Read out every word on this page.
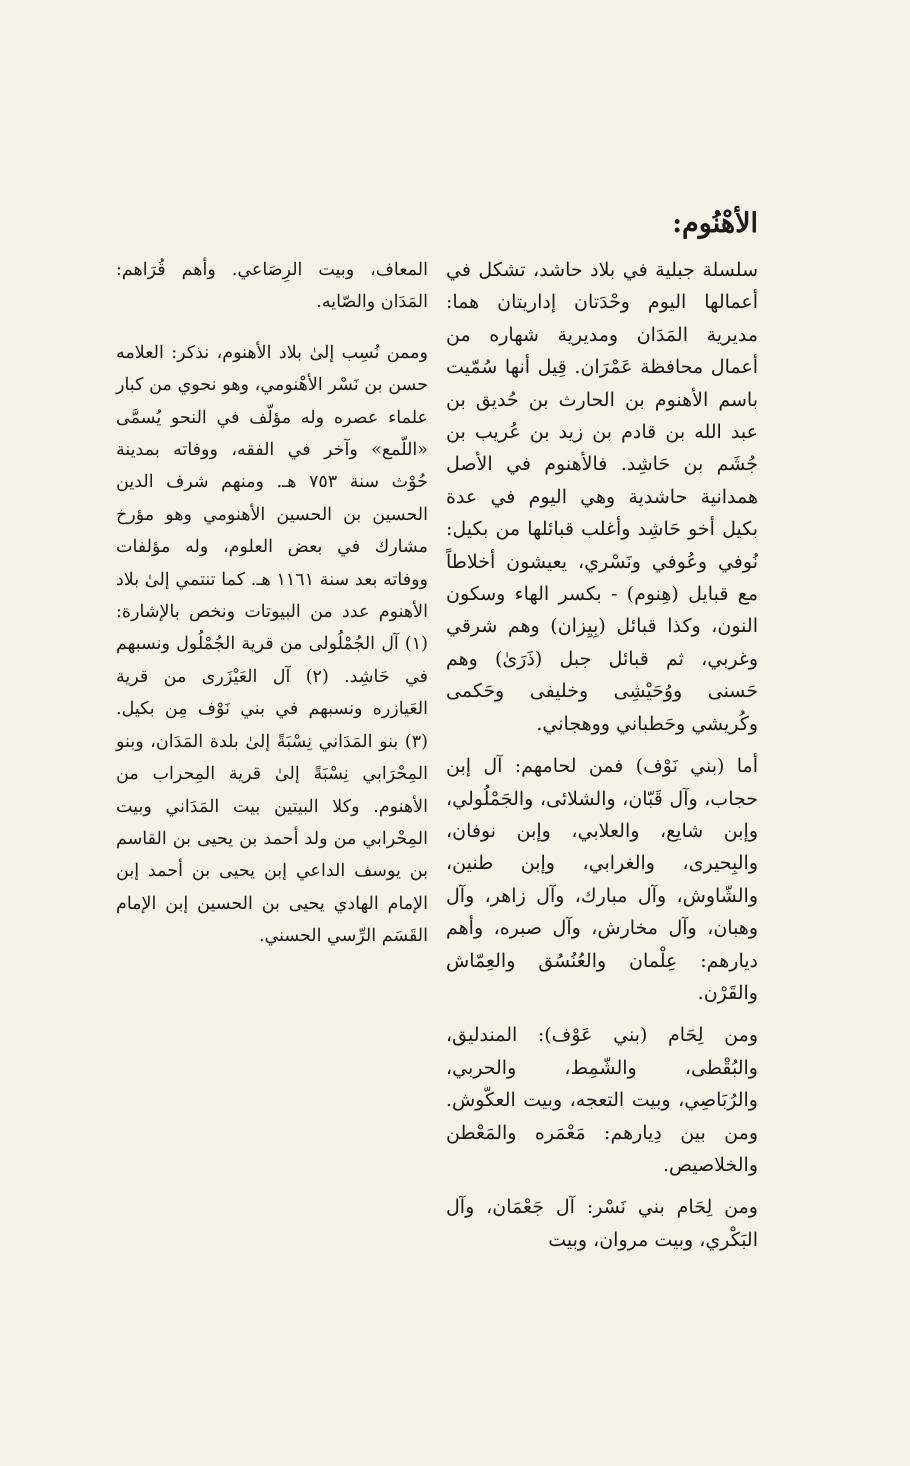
الأهْنُوم:

سلسلة جبلية في بلاد حاشد، تشكل في أعمالها اليوم وحْدَتان إداريتان هما: مديرية المَدَان ومديرية شهاره من أعمال محافظة عَمْرَان. قِيل أنها سُمّيت باسم الأهنوم بن الحارث بن حُديق بن عبد الله بن قادم بن زيد بن عُريب بن جُشَم بن حَاشِد. فالأهنوم في الأصل همدانية حاشدية وهي اليوم في عدة بكيل أخو حَاشِد وأغلب قبائلها من بكيل: نُوفي وعُوفي ونَسْري، يعيشون أخلاطاً مع قبايل (هِنوم) - بكسر الهاء وسكون النون، وكذا قبائل (بِيِزان) وهم شرقي وغربي، ثم قبائل جبل (ذَرَىٰ) وهم حَسنى ووُحَيْشِى وخليفى وحَكمى وكُريشي وحَطباني ووهجاني.

أما (بني نَوْف) فمن لحامهم: آل إبن حجاب، وآل قَبّان، والشلائى، والجَمْلُولي، وإبن شايع، والعلابي، وإبن نوفان، والبِحيرى، والغرابي، وإبن طنين، والشّاوش، وآل مبارك، وآل زاهر، وآل وهبان، وآل مخارش، وآل صبره، وأهم ديارهم: عِلْمان والعُنُسُق والعِمّاش والقَرْن.

ومن لِحَام (بني عَوْف): المندليق، والبُقْطى، والشّمِط، والحربي، والرُبَاصِي، وبيت التعجه، وبيت العكّوش. ومن بين دِيارهم: مَعْمَره والمَعْطن والخلاصيص.

ومن لِحَام بني نَسْر: آل جَعْمَان، وآل البَكْري، وبيت مروان، وبيت

المعاف، وبيت الرِصَاعي. وأهم قُرَاهم: المَدَان والصّايه.

وممن نُسِب إلىٰ بلاد الأهنوم، نذكر: العلامه حسن بن نَسْر الأهْنومي، وهو نحوي من كبار علماء عصره وله مؤلّف في النحو يُسمَّى «اللّمع» وآخر في الفقه، ووفاته بمدينة حُوْث سنة ٧٥٣ هـ. ومنهم شرف الدين الحسين بن الحسين الأهنومي وهو مؤرخ مشارك في بعض العلوم، وله مؤلفات ووفاته بعد سنة ١١٦١ هـ. كما تنتمي إلىٰ بلاد الأهنوم عدد من البيوتات ونخص بالإشارة: (١) آل الجُمْلُولى من قرية الجُمْلُول ونسبهم في حَاشِد. (٢) آل العَيْزَرى من قرية العَيازره ونسبهم في بني نَوْف مِن بكيل. (٣) بنو المَدَاني نِسْبَةً إلىٰ بلدة المَدَان، وبنو المِحْرَابي نِسْبَةً إلىٰ قرية المِحراب من الأهنوم. وكلا البيتين بيت المَدَاني وبيت المِحْرابي من ولد أحمد بن يحيى بن القاسم بن يوسف الداعي إبن يحيى بن أحمد إبن الإمام الهادي يحيى بن الحسين إبن الإمام القَسَم الرِّسي الحسني.
